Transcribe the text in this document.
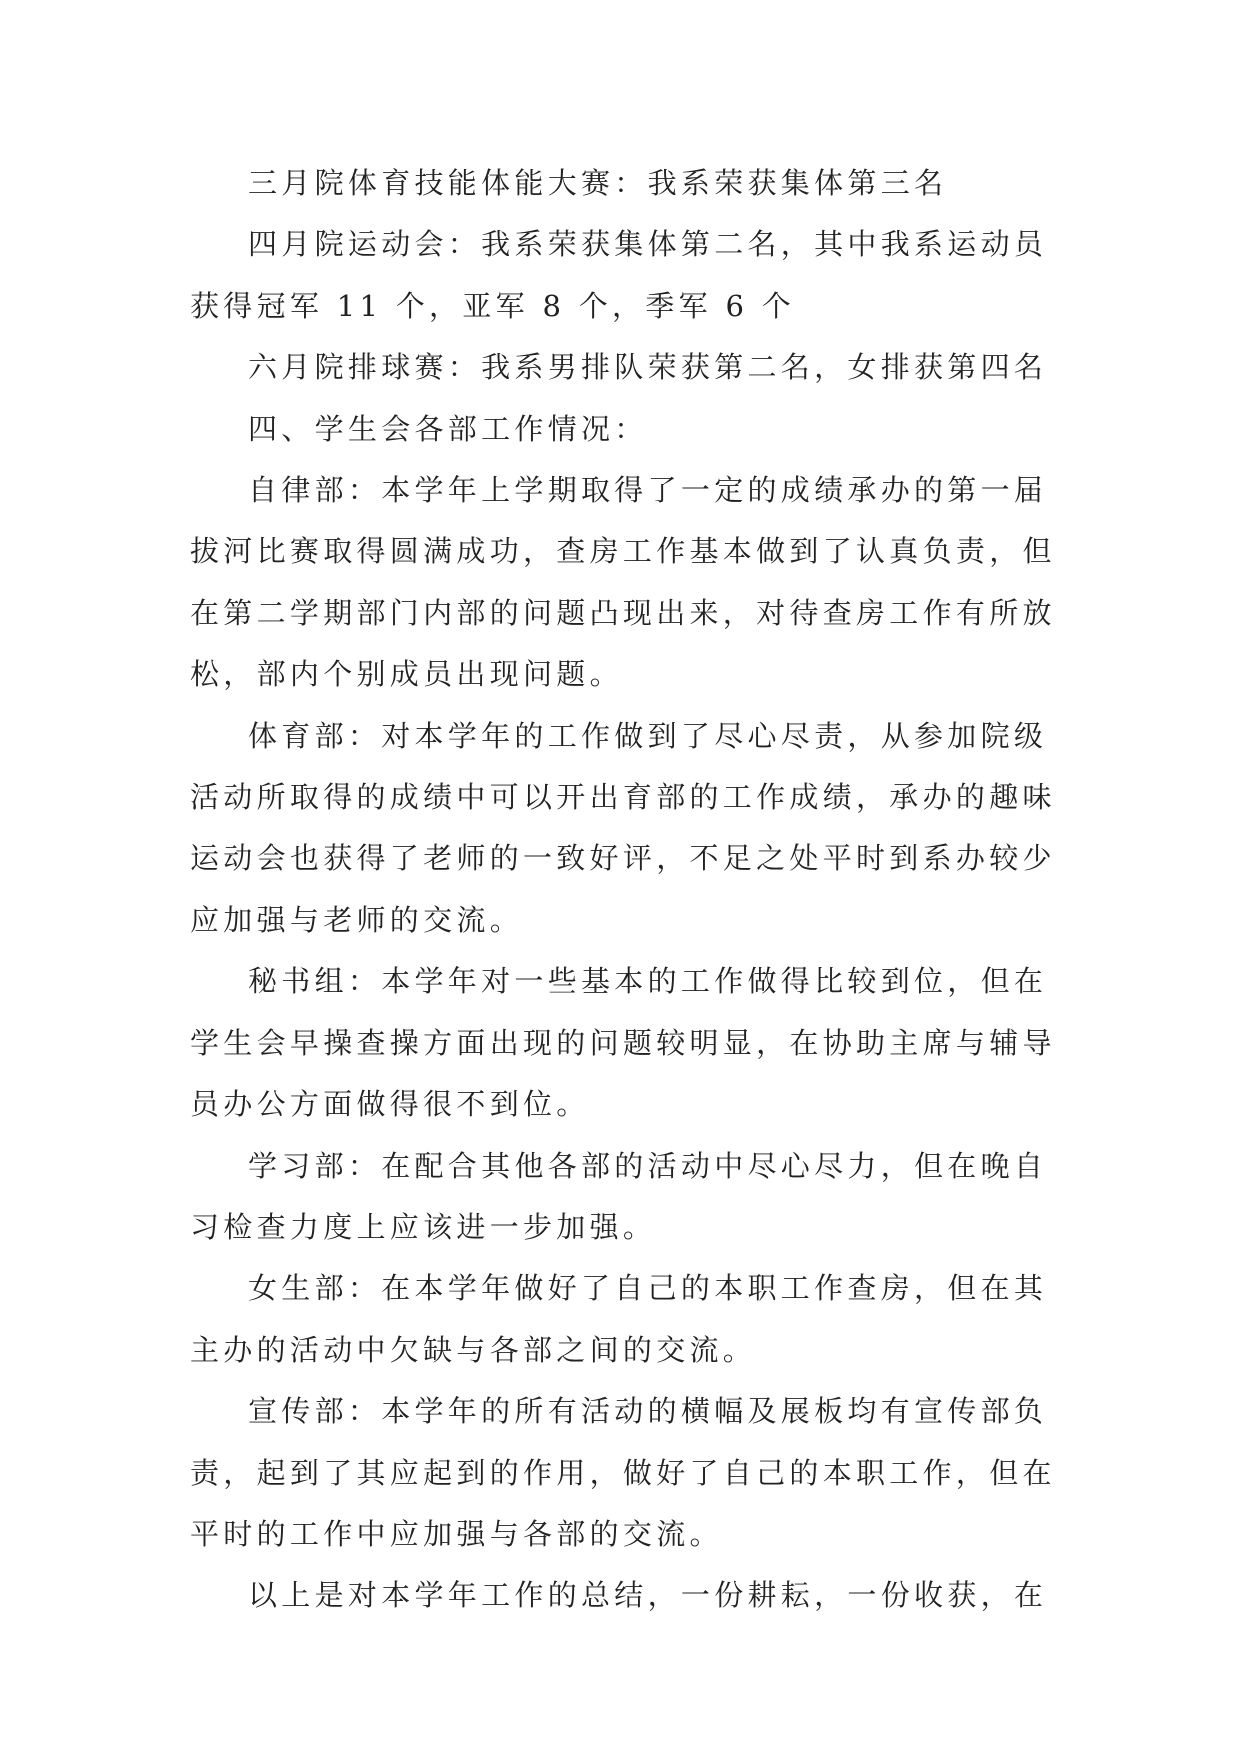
三月院体育技能体能大赛：我系荣获集体第三名

四月院运动会：我系荣获集体第二名，其中我系运动员
获得冠军 11 个，亚军 8 个，季军 6 个

六月院排球赛：我系男排队荣获第二名，女排获第四名

四、学生会各部工作情况：

自律部：本学年上学期取得了一定的成绩承办的第一届
拔河比赛取得圆满成功，查房工作基本做到了认真负责，但
在第二学期部门内部的问题凸现出来，对待查房工作有所放
松，部内个别成员出现问题。

体育部：对本学年的工作做到了尽心尽责，从参加院级
活动所取得的成绩中可以开出育部的工作成绩，承办的趣味
运动会也获得了老师的一致好评，不足之处平时到系办较少
应加强与老师的交流。

秘书组：本学年对一些基本的工作做得比较到位，但在
学生会早操查操方面出现的问题较明显，在协助主席与辅导
员办公方面做得很不到位。

学习部：在配合其他各部的活动中尽心尽力，但在晚自
习检查力度上应该进一步加强。

女生部：在本学年做好了自己的本职工作查房，但在其
主办的活动中欠缺与各部之间的交流。

宣传部：本学年的所有活动的横幅及展板均有宣传部负
责，起到了其应起到的作用，做好了自己的本职工作，但在
平时的工作中应加强与各部的交流。

以上是对本学年工作的总结，一份耕耘，一份收获，在
